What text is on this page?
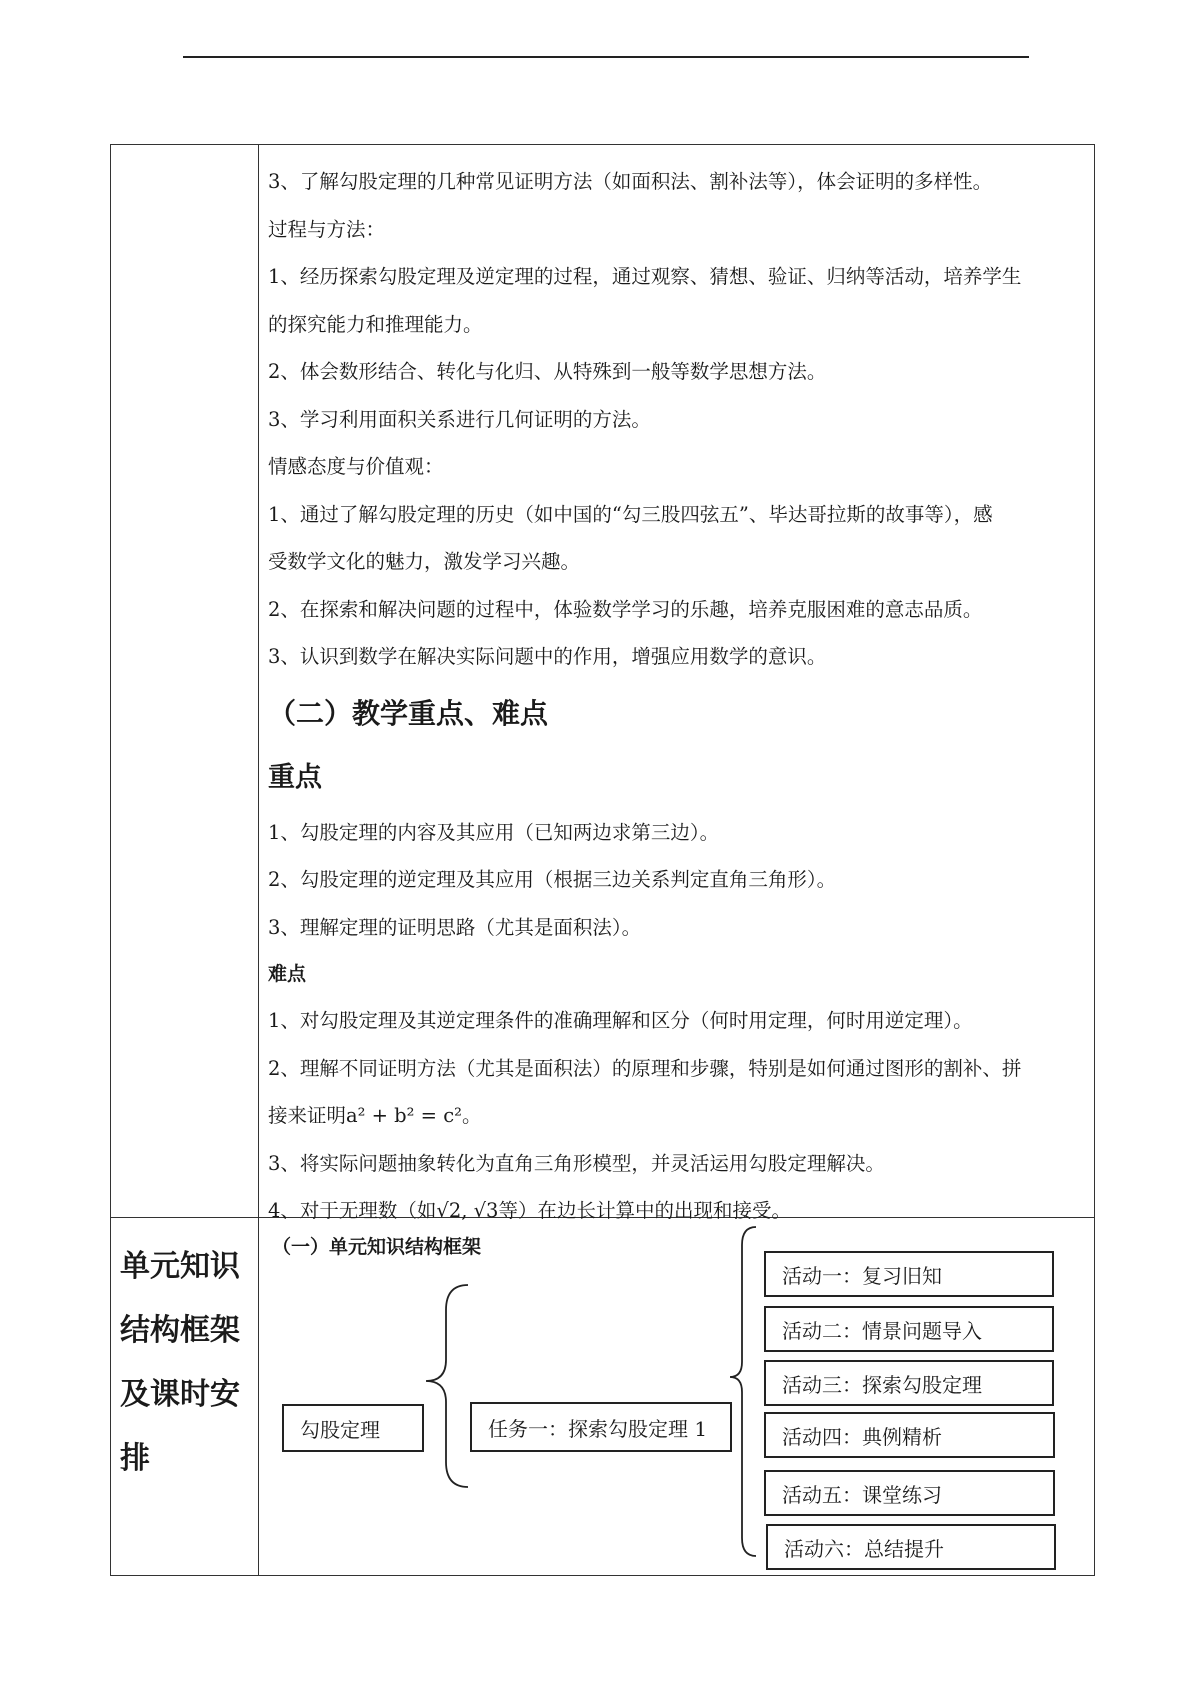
3、了解勾股定理的几种常见证明方法（如面积法、割补法等），体会证明的多样性。
过程与方法：
1、经历探索勾股定理及逆定理的过程，通过观察、猜想、验证、归纳等活动，培养学生
的探究能力和推理能力。
2、体会数形结合、转化与化归、从特殊到一般等数学思想方法。
3、学习利用面积关系进行几何证明的方法。
情感态度与价值观：
1、通过了解勾股定理的历史（如中国的“勾三股四弦五”、毕达哥拉斯的故事等），感
受数学文化的魅力，激发学习兴趣。
2、在探索和解决问题的过程中，体验数学学习的乐趣，培养克服困难的意志品质。
3、认识到数学在解决实际问题中的作用，增强应用数学的意识。
（二）教学重点、难点
重点
1、勾股定理的内容及其应用（已知两边求第三边）。
2、勾股定理的逆定理及其应用（根据三边关系判定直角三角形）。
3、理解定理的证明思路（尤其是面积法）。
难点
1、对勾股定理及其逆定理条件的准确理解和区分（何时用定理，何时用逆定理）。
2、理解不同证明方法（尤其是面积法）的原理和步骤，特别是如何通过图形的割补、拼
接来证明a² + b² = c²。
3、将实际问题抽象转化为直角三角形模型，并灵活运用勾股定理解决。
4、对于无理数（如√2, √3等）在边长计算中的出现和接受。
单元知识
结构框架
及课时安
排
（一）单元知识结构框架
勾股定理	任务一：探索勾股定理 1
活动一：复习旧知
活动二：情景问题导入
活动三：探索勾股定理
活动四：典例精析
活动五：课堂练习
活动六：总结提升
